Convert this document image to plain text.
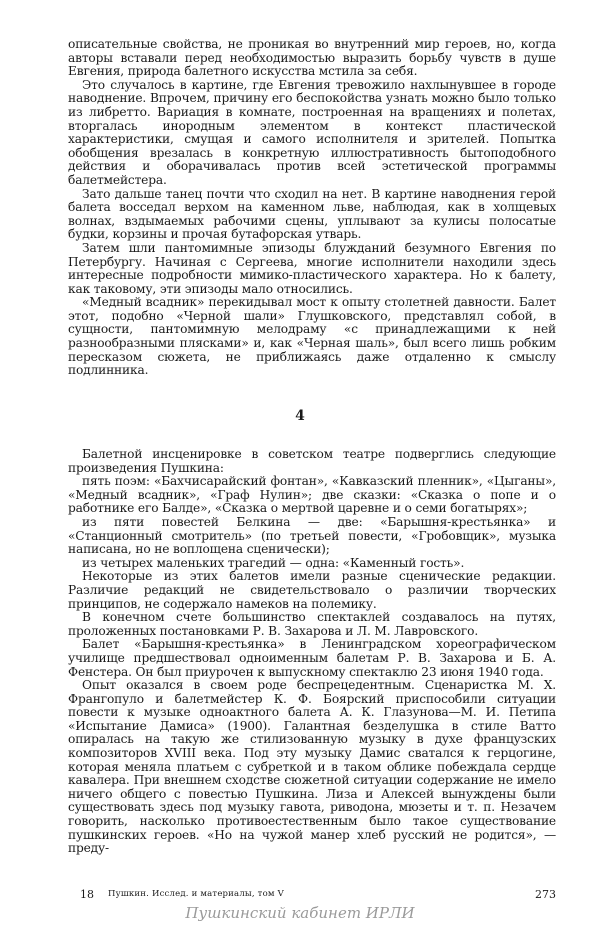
описательные свойства, не проникая во внутренний мир героев, но, когда авторы вставали перед необходимостью выразить борьбу чувств в душе Евгения, природа балетного искусства мстила за себя.

Это случалось в картине, где Евгения тревожило нахлынувшее в городе наводнение. Впрочем, причину его беспокойства узнать можно было только из либретто. Вариация в комнате, построенная на вращениях и полетах, вторгалась инородным элементом в контекст пластической характеристики, смущая и самого исполнителя и зрителей. Попытка обобщения врезалась в конкретную иллюстративность бытоподобного действия и оборачивалась против всей эстетической программы балетмейстера.

Зато дальше танец почти что сходил на нет. В картине наводнения герой балета восседал верхом на каменном льве, наблюдая, как в холщевых волнах, вздымаемых рабочими сцены, уплывают за кулисы полосатые будки, корзины и прочая бутафорская утварь.

Затем шли пантомимные эпизоды блужданий безумного Евгения по Петербургу. Начиная с Сергеева, многие исполнители находили здесь интересные подробности мимико-пластического характера. Но к балету, как таковому, эти эпизоды мало относились.

«Медный всадник» перекидывал мост к опыту столетней давности. Балет этот, подобно «Черной шали» Глушковского, представлял собой, в сущности, пантомимную мелодраму «с принадлежащими к ней разнообразными плясками» и, как «Черная шаль», был всего лишь робким пересказом сюжета, не приближаясь даже отдаленно к смыслу подлинника.

4

Балетной инсценировке в советском театре подверглись следующие произведения Пушкина:

пять поэм: «Бахчисарайский фонтан», «Кавказский пленник», «Цыганы», «Медный всадник», «Граф Нулин»; две сказки: «Сказка о попе и о работнике его Балде», «Сказка о мертвой царевне и о семи богатырях»;

из пяти повестей Белкина — две: «Барышня-крестьянка» и «Станционный смотритель» (по третьей повести, «Гробовщик», музыка написана, но не воплощена сценически);

из четырех маленьких трагедий — одна: «Каменный гость».

Некоторые из этих балетов имели разные сценические редакции. Различие редакций не свидетельствовало о различии творческих принципов, не содержало намеков на полемику.

В конечном счете большинство спектаклей создавалось на путях, проложенных постановками Р. В. Захарова и Л. М. Лавровского.

Балет «Барышня-крестьянка» в Ленинградском хореографическом училище предшествовал одноименным балетам Р. В. Захарова и Б. А. Фенстера. Он был приурочен к выпускному спектаклю 23 июня 1940 года.

Опыт оказался в своем роде беспрецедентным. Сценаристка М. Х. Франгопуло и балетмейстер К. Ф. Боярский приспособили ситуации повести к музыке одноактного балета А. К. Глазунова—М. И. Петипа «Испытание Дамиса» (1900). Галантная безделушка в стиле Ватто опиралась на такую же стилизованную музыку в духе французских композиторов XVIII века. Под эту музыку Дамис сватался к герцогине, которая меняла платьем с субреткой и в таком облике побеждала сердце кавалера. При внешнем сходстве сюжетной ситуации содержание не имело ничего общего с повестью Пушкина. Лиза и Алексей вынуждены были существовать здесь под музыку гавота, риводона, мюзеты и т. п. Незачем говорить, насколько противоестественным было такое существование пушкинских героев. «Но на чужой манер хлеб русский не родится», — преду-

18 Пушкин. Исслед. и материалы, том V	273
Пушкинский кабинет ИРЛИ
